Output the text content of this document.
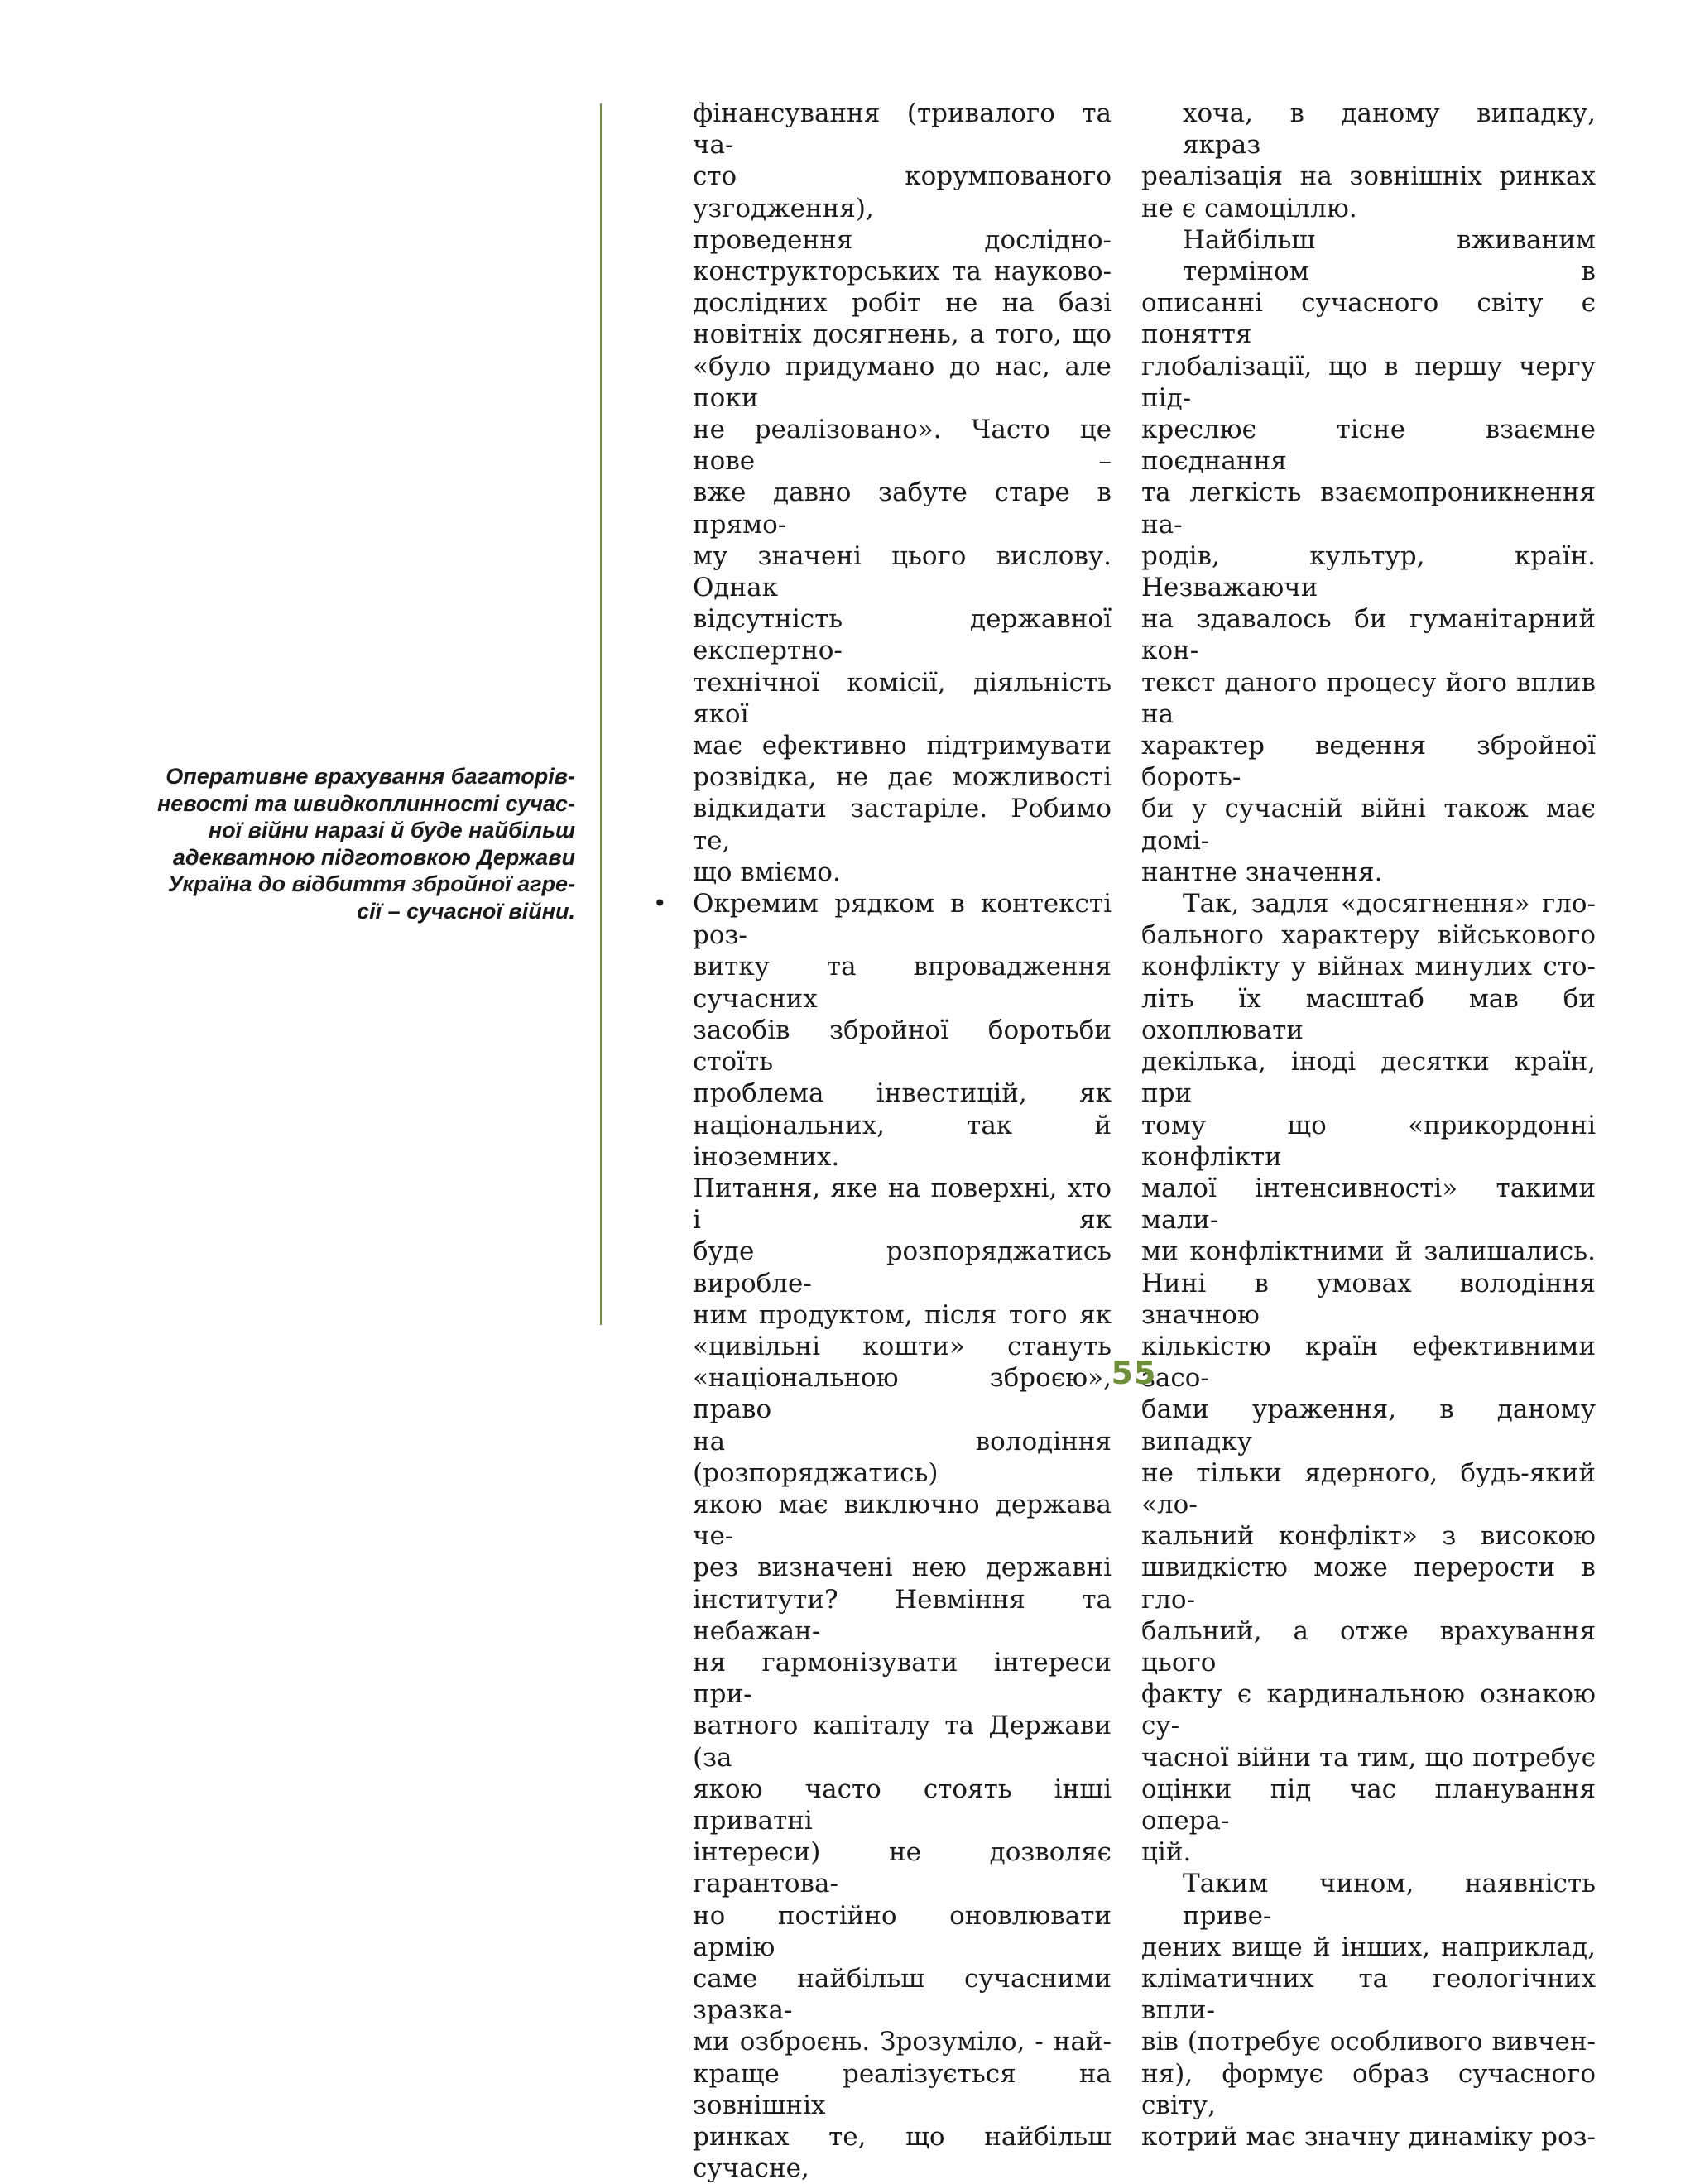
Оперативне врахування багаторів-
невості та швидкоплинності сучас-
ної війни наразі й буде найбільш
адекватною підготовкою Держави
Україна до відбиття збройної агре-
сії – сучасної війни.
фінансування (тривалого та ча-
сто корумпованого узгодження),
проведення дослідно-
конструкторських та науково-
дослідних робіт не на базі
новітніх досягнень, а того, що
«було придумано до нас, але поки
не реалізовано». Часто це нове –
вже давно забуте старе в прямо-
му значені цього вислову. Однак
відсутність державної експертно-
технічної комісії, діяльність якої
має ефективно підтримувати
розвідка, не дає можливості
відкидати застаріле. Робимо те,
що вміємо.
• Окремим рядком в контексті роз-
витку та впровадження сучасних
засобів збройної боротьби стоїть
проблема інвестицій, як
національних, так й іноземних.
Питання, яке на поверхні, хто і як
буде розпоряджатись виробле-
ним продуктом, після того як
«цивільні кошти» стануть
«національною зброєю», право
на володіння (розпоряджатись)
якою має виключно держава че-
рез визначені нею державні
інститути? Невміння та небажан-
ня гармонізувати інтереси при-
ватного капіталу та Держави (за
якою часто стоять інші приватні
інтереси) не дозволяє гарантова-
но постійно оновлювати армію
саме найбільш сучасними зразка-
ми озброєнь. Зрозуміло, - най-
краще реалізується на зовнішніх
ринках те, що найбільш сучасне,
хоча, в даному випадку, якраз
реалізація на зовнішніх ринках
не є самоціллю.
Найбільш вживаним терміном в
описанні сучасного світу є поняття
глобалізації, що в першу чергу під-
креслює тісне взаємне поєднання
та легкість взаємопроникнення на-
родів, культур, країн. Незважаючи
на здавалось би гуманітарний кон-
текст даного процесу його вплив на
характер ведення збройної бороть-
би у сучасній війні також має домі-
нантне значення.
Так, задля «досягнення» гло-
бального характеру військового
конфлікту у війнах минулих сто-
літь їх масштаб мав би охоплювати
декілька, іноді десятки країн, при
тому що «прикордонні конфлікти
малої інтенсивності» такими мали-
ми конфліктними й залишались.
Нині в умовах володіння значною
кількістю країн ефективними засо-
бами ураження, в даному випадку
не тільки ядерного, будь-який «ло-
кальний конфлікт» з високою
швидкістю може перерости в гло-
бальний, а отже врахування цього
факту є кардинальною ознакою су-
часної війни та тим, що потребує
оцінки під час планування опера-
цій.
Таким чином, наявність приве-
дених вище й інших, наприклад,
кліматичних та геологічних впли-
вів (потребує особливого вивчен-
ня), формує образ сучасного світу,
котрий має значну динаміку роз-
55
